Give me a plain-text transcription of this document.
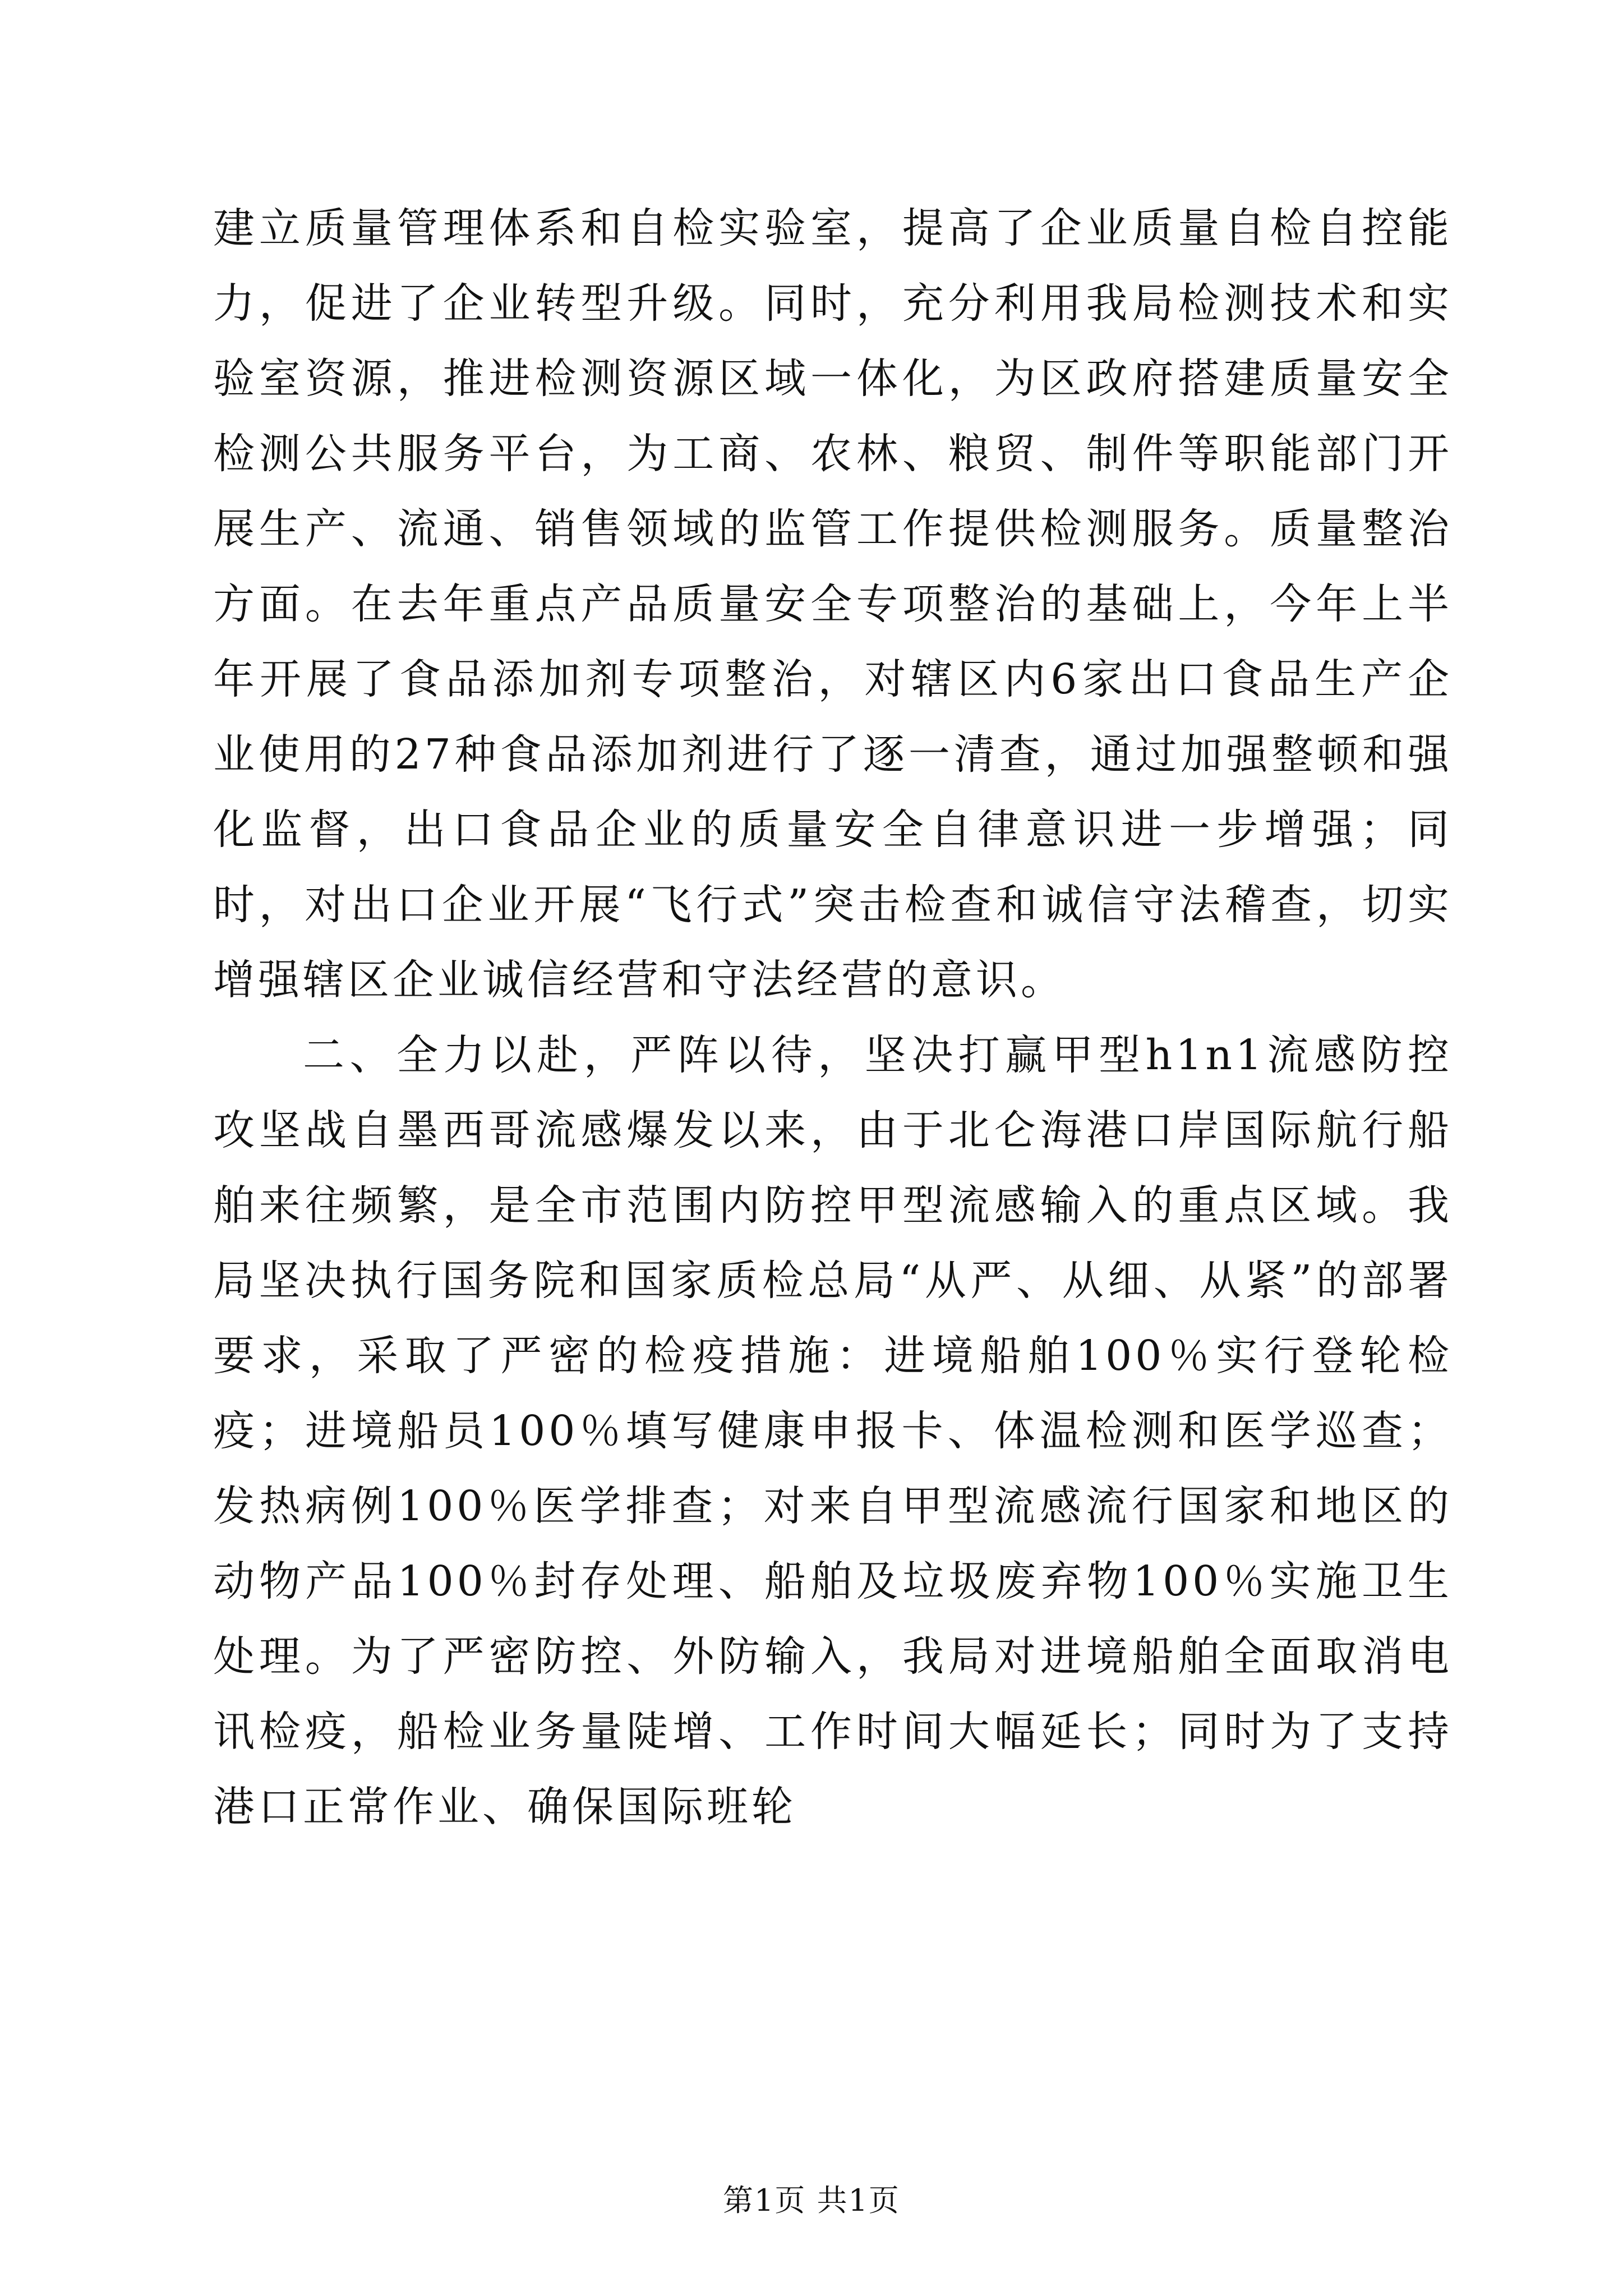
建立质量管理体系和自检实验室，提高了企业质量自检自控能力，促进了企业转型升级。同时，充分利用我局检测技术和实验室资源，推进检测资源区域一体化，为区政府搭建质量安全检测公共服务平台，为工商、农林、粮贸、制件等职能部门开展生产、流通、销售领域的监管工作提供检测服务。质量整治方面。在去年重点产品质量安全专项整治的基础上，今年上半年开展了食品添加剂专项整治，对辖区内6家出口食品生产企业使用的27种食品添加剂进行了逐一清查，通过加强整顿和强化监督，出口食品企业的质量安全自律意识进一步增强；同时，对出口企业开展“飞行式”突击检查和诚信守法稽查，切实增强辖区企业诚信经营和守法经营的意识。

二、全力以赴，严阵以待，坚决打赢甲型h1n1流感防控攻坚战自墨西哥流感爆发以来，由于北仑海港口岸国际航行船舶来往频繁，是全市范围内防控甲型流感输入的重点区域。我局坚决执行国务院和国家质检总局“从严、从细、从紧”的部署要求，采取了严密的检疫措施：进境船舶100％实行登轮检疫；进境船员100％填写健康申报卡、体温检测和医学巡查；发热病例100％医学排查；对来自甲型流感流行国家和地区的动物产品100％封存处理、船舶及垃圾废弃物100％实施卫生处理。为了严密防控、外防输入，我局对进境船舶全面取消电讯检疫，船检业务量陡增、工作时间大幅延长；同时为了支持港口正常作业、确保国际班轮

第1页 共1页
